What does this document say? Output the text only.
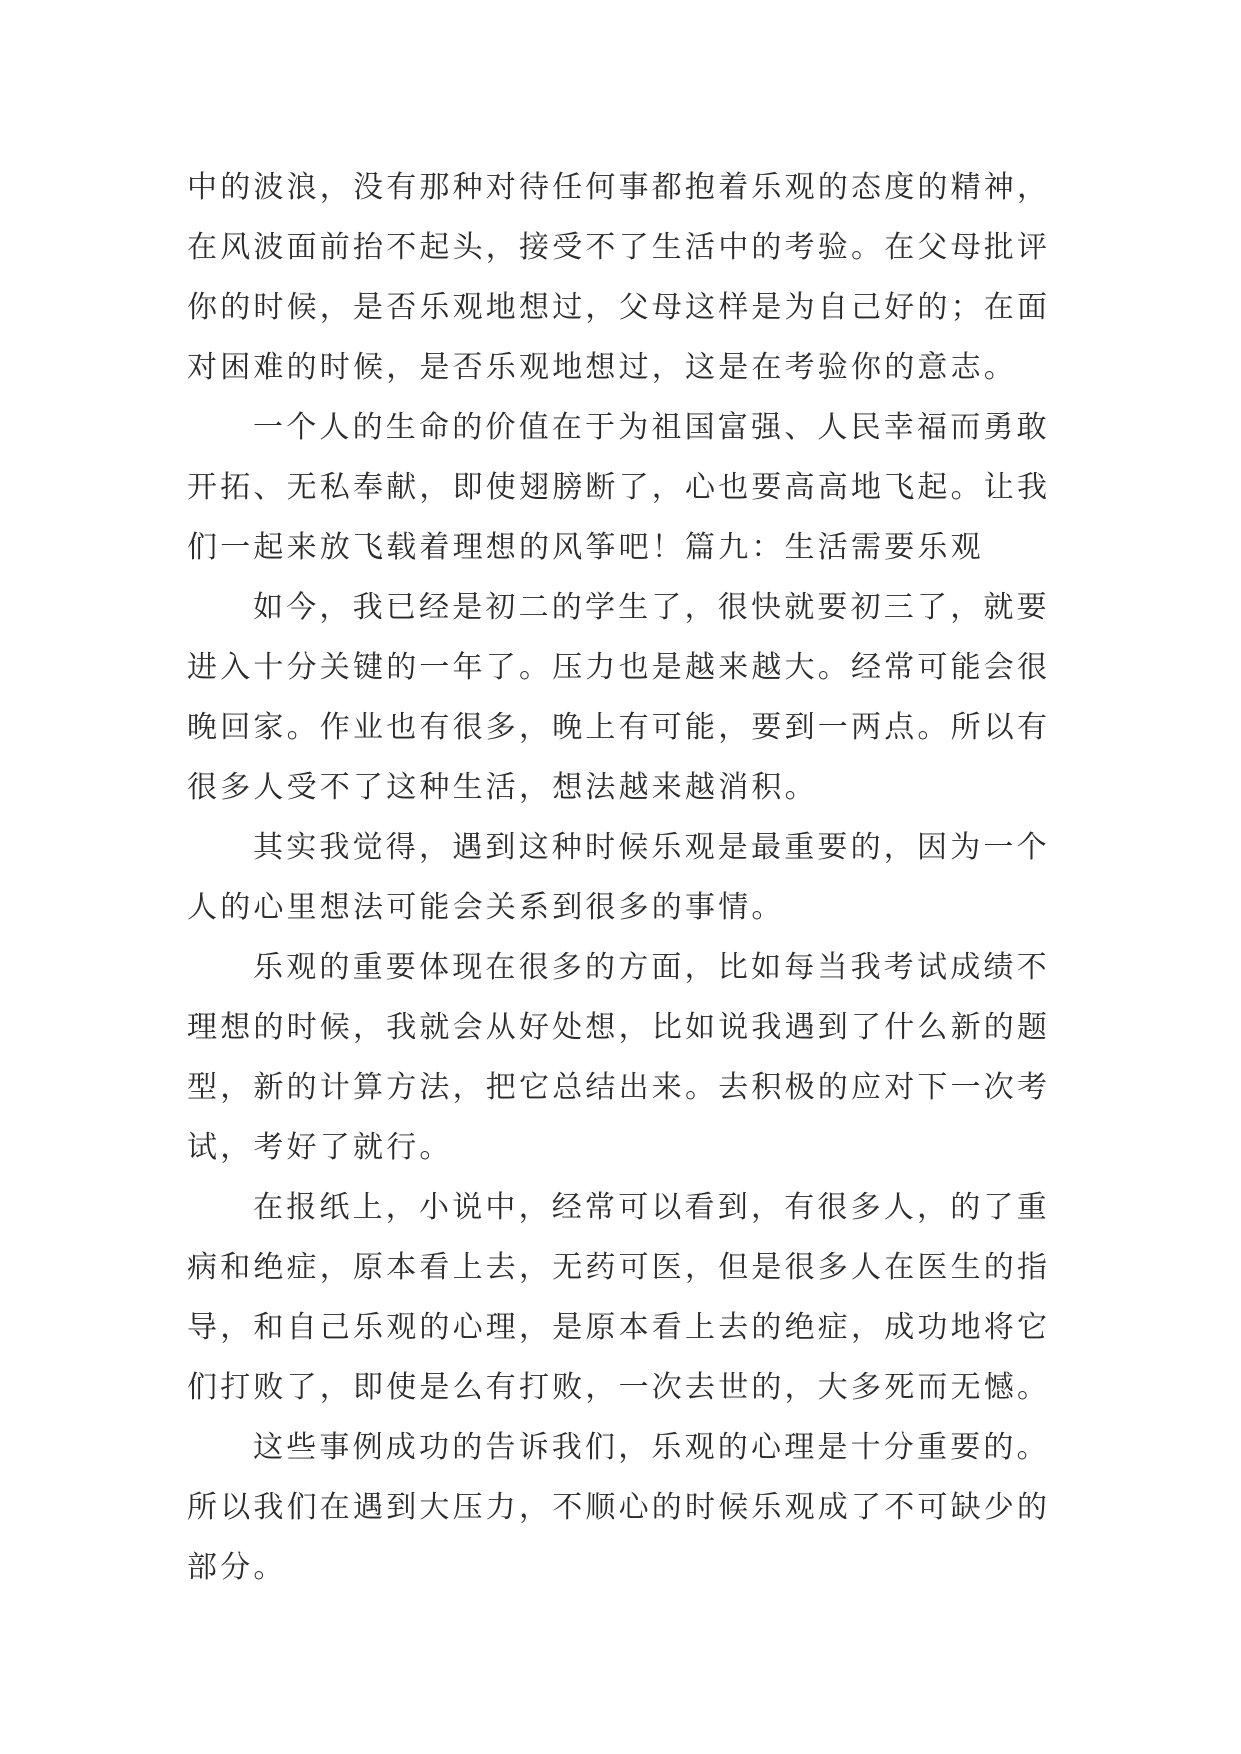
中的波浪，没有那种对待任何事都抱着乐观的态度的精神，
在风波面前抬不起头，接受不了生活中的考验。在父母批评
你的时候，是否乐观地想过，父母这样是为自己好的；在面
对困难的时候，是否乐观地想过，这是在考验你的意志。
一个人的生命的价值在于为祖国富强、人民幸福而勇敢
开拓、无私奉献，即使翅膀断了，心也要高高地飞起。让我
们一起来放飞载着理想的风筝吧！篇九：生活需要乐观
如今，我已经是初二的学生了，很快就要初三了，就要
进入十分关键的一年了。压力也是越来越大。经常可能会很
晚回家。作业也有很多，晚上有可能，要到一两点。所以有
很多人受不了这种生活，想法越来越消积。
其实我觉得，遇到这种时候乐观是最重要的，因为一个
人的心里想法可能会关系到很多的事情。
乐观的重要体现在很多的方面，比如每当我考试成绩不
理想的时候，我就会从好处想，比如说我遇到了什么新的题
型，新的计算方法，把它总结出来。去积极的应对下一次考
试，考好了就行。
在报纸上，小说中，经常可以看到，有很多人，的了重
病和绝症，原本看上去，无药可医，但是很多人在医生的指
导，和自己乐观的心理，是原本看上去的绝症，成功地将它
们打败了，即使是么有打败，一次去世的，大多死而无憾。
这些事例成功的告诉我们，乐观的心理是十分重要的。
所以我们在遇到大压力，不顺心的时候乐观成了不可缺少的
部分。
